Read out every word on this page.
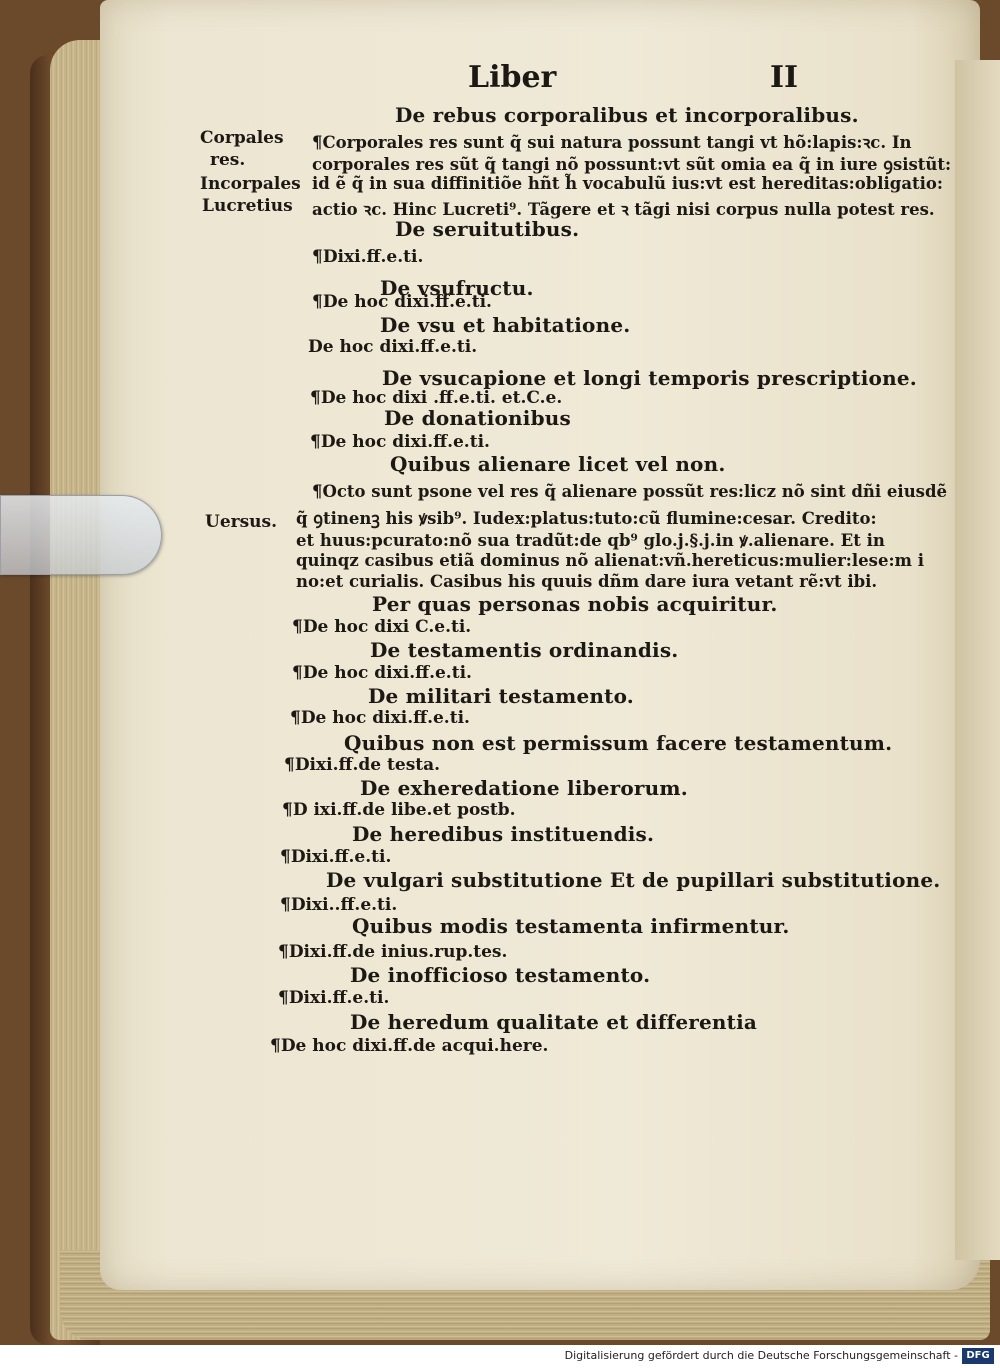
Liber	II
Corpales
res.
Incorpales
Lucretius
Uersus.
De rebus corporalibus et incorporalibus.
¶Corporales res sunt q̃ sui natura possunt tangi vt hõ:lapis:ꝛc. In
corporales res sũt q̃ tangi nõ possunt:vt sũt omia ea q̃ in iure ꝯsistũt:
id ẽ q̃ in sua diffinitiõe hñt h̃ vocabulũ ius:vt est hereditas:obligatio:
actio ꝛc. Hinc Lucreti⁹. Tãgere et ꝛ tãgi nisi corpus nulla potest res.
De seruitutibus.
¶Dixi.ff.e.ti.
De vsufructu.
¶De hoc dixi.ff.e.ti.
De vsu et habitatione.
De hoc dixi.ff.e.ti.
De vsucapione et longi temporis prescriptione.
¶De hoc dixi .ff.e.ti. et.C.e.
De donationibus
¶De hoc dixi.ff.e.ti.
Quibus alienare licet vel non.
¶Octo sunt psone vel res q̃ alienare possũt res:licz nõ sint dñi eiusdẽ
q̃ ꝯtinenꝫ his ꝟsib⁹. Iudex:platus:tuto:cũ flumine:cesar. Credito:
et huus:pcurato:nõ sua tradũt:de qb⁹ glo.j.§.j.in ꝟ.alienare. Et in
quinqz casibus etiã dominus nõ alienat:vñ.hereticus:mulier:lese:m i
no:et curialis. Casibus his quuis dñm dare iura vetant rẽ:vt ibi.
Per quas personas nobis acquiritur.
¶De hoc dixi C.e.ti.
De testamentis ordinandis.
¶De hoc dixi.ff.e.ti.
De militari testamento.
¶De hoc dixi.ff.e.ti.
Quibus non est permissum facere testamentum.
¶Dixi.ff.de testa.
De exheredatione liberorum.
¶D ixi.ff.de libe.et postb.
De heredibus instituendis.
¶Dixi.ff.e.ti.
De vulgari substitutione Et de pupillari substitutione.
¶Dixi..ff.e.ti.
Quibus modis testamenta infirmentur.
¶Dixi.ff.de inius.rup.tes.
De inofficioso testamento.
¶Dixi.ff.e.ti.
De heredum qualitate et differentia
¶De hoc dixi.ff.de acqui.here.
Digitalisierung gefördert durch die Deutsche Forschungsgemeinschaft - DFG
